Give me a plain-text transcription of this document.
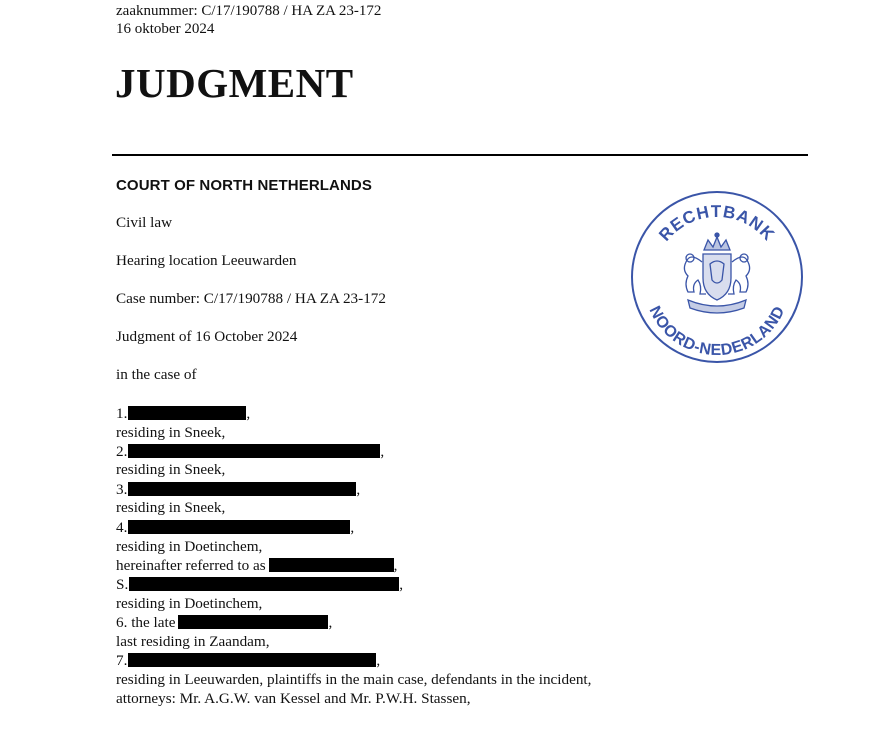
zaaknummer: C/17/190788 / HA ZA 23-172
16 oktober 2024
JUDGMENT
COURT OF NORTH NETHERLANDS
Civil law
Hearing location Leeuwarden
Case number: C/17/190788 / HA ZA 23-172
Judgment of 16 October 2024
in the case of
1.	,
residing in Sneek,
2.	,
residing in Sneek,
3.	,
residing in Sneek,
4.	,
residing in Doetinchem,
hereinafter referred to as	,
S.	,
residing in Doetinchem,
6. the late	,
last residing in Zaandam,
7.	,
residing in Leeuwarden, plaintiffs in the main case, defendants in the incident,
attorneys: Mr. A.G.W. van Kessel and Mr. P.W.H. Stassen,
RECHTBANK
NOORD-NEDERLAND
